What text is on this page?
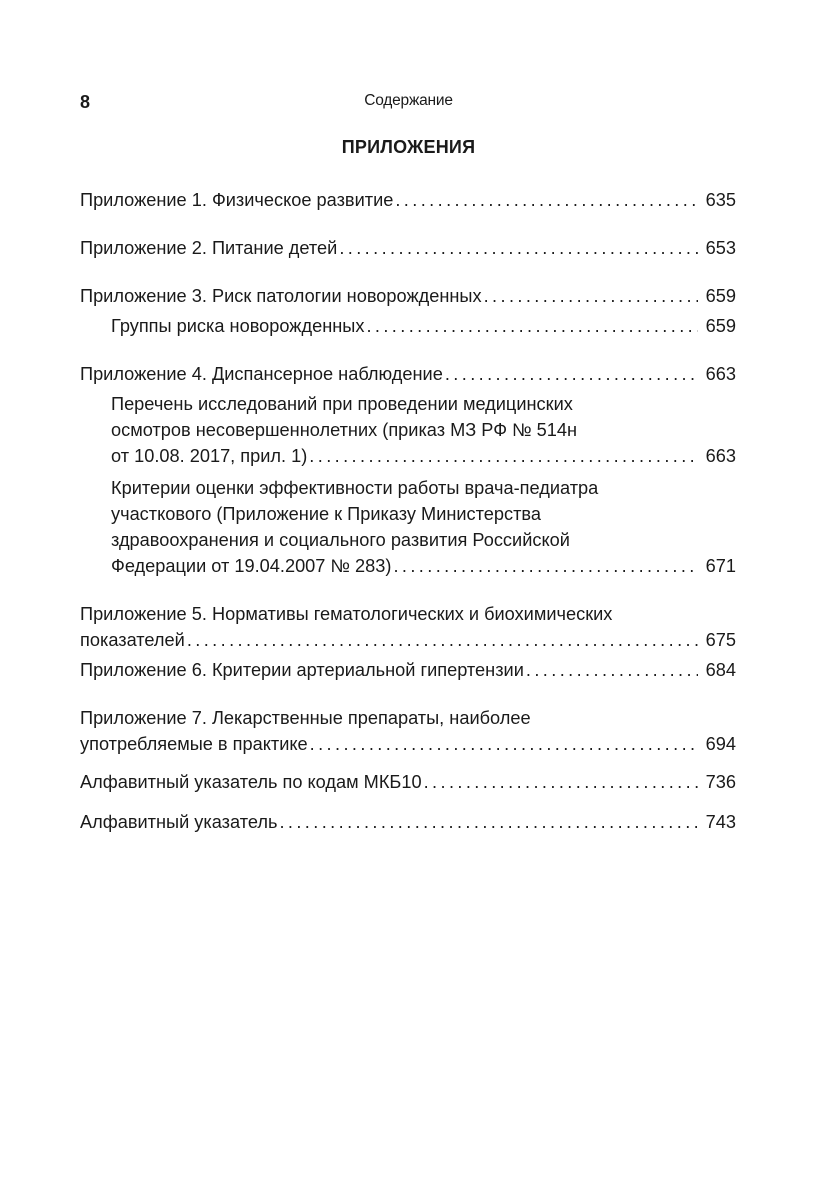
8	Содержание
ПРИЛОЖЕНИЯ
Приложение 1. Физическое развитие .....	635
Приложение 2. Питание детей .....	653
Приложение 3. Риск патологии новорожденных .....	659
Группы риска новорожденных .....	659
Приложение 4. Диспансерное наблюдение .....	663
Перечень исследований при проведении медицинских
осмотров несовершеннолетних (приказ МЗ РФ № 514н
от 10.08. 2017, прил. 1) .....	663
Критерии оценки эффективности работы врача-педиатра
участкового (Приложение к Приказу Министерства
здравоохранения и социального развития Российской
Федерации от 19.04.2007 № 283) .....	671
Приложение 5. Нормативы гематологических и биохимических
показателей .....	675
Приложение 6. Критерии артериальной гипертензии .....	684
Приложение 7. Лекарственные препараты, наиболее
употребляемые в практике .....	694
Алфавитный указатель по кодам МКБ10 .....	736
Алфавитный указатель .....	743
